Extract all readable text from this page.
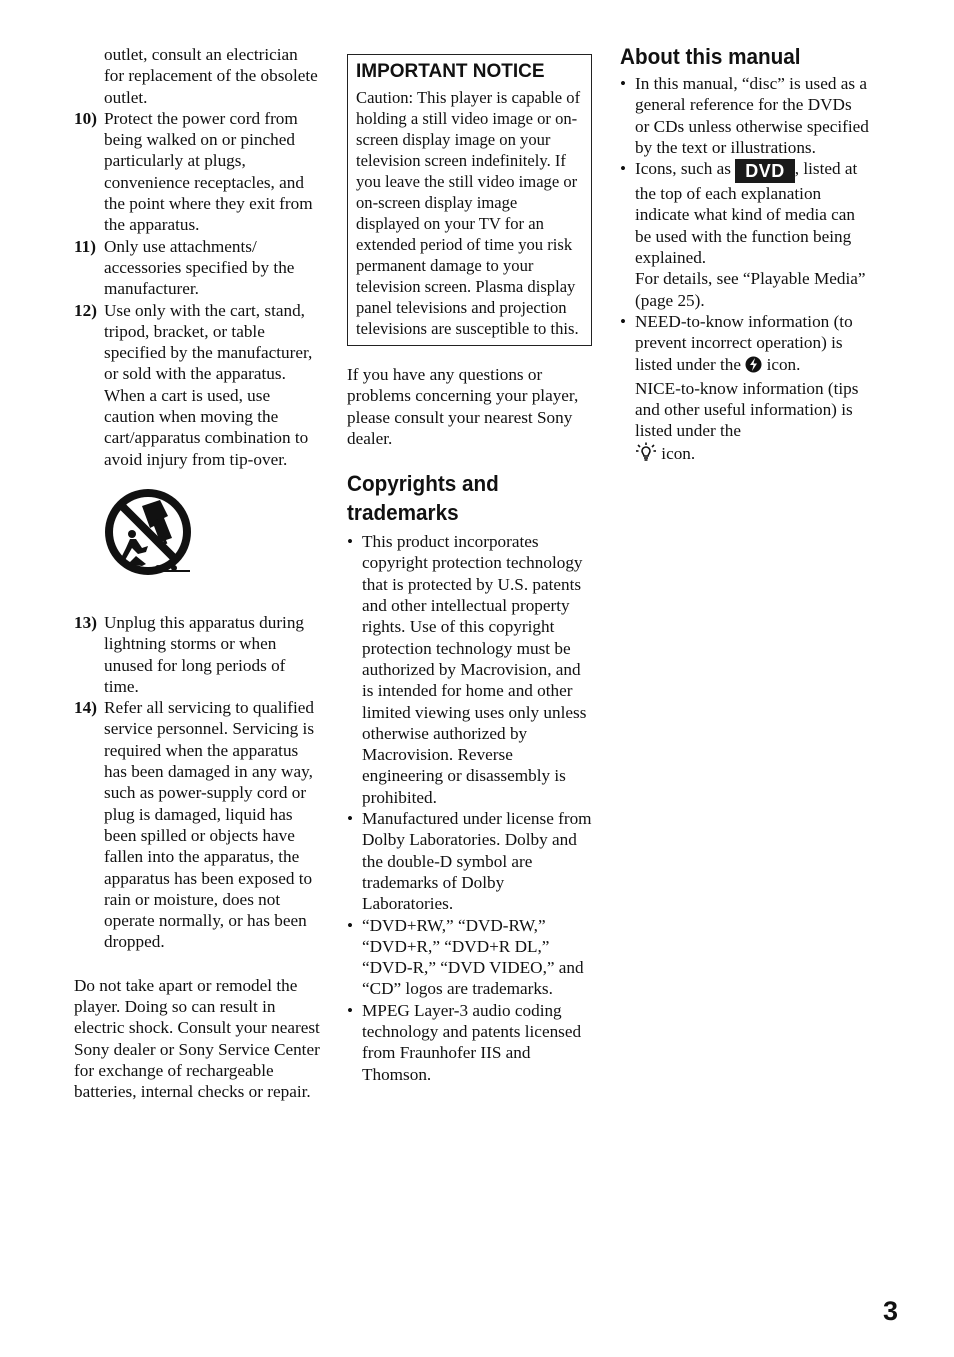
outlet, consult an electrician for replacement of the obsolete outlet.

10) Protect the power cord from being walked on or pinched particularly at plugs, convenience receptacles, and the point where they exit from the apparatus.

11) Only use attachments/ accessories specified by the manufacturer.

12) Use only with the cart, stand, tripod, bracket, or table specified by the manufacturer, or sold with the apparatus. When a cart is used, use caution when moving the cart/apparatus combination to avoid injury from tip-over.

13) Unplug this apparatus during lightning storms or when unused for long periods of time.

14) Refer all servicing to qualified service personnel. Servicing is required when the apparatus has been damaged in any way, such as power-supply cord or plug is damaged, liquid has been spilled or objects have fallen into the apparatus, the apparatus has been exposed to rain or moisture, does not operate normally, or has been dropped.

Do not take apart or remodel the player. Doing so can result in electric shock. Consult your nearest Sony dealer or Sony Service Center for exchange of rechargeable batteries, internal checks or repair.

IMPORTANT NOTICE
Caution: This player is capable of holding a still video image or on-screen display image on your television screen indefinitely. If you leave the still video image or on-screen display image displayed on your TV for an extended period of time you risk permanent damage to your television screen. Plasma display panel televisions and projection televisions are susceptible to this.

If you have any questions or problems concerning your player, please consult your nearest Sony dealer.

Copyrights and trademarks
• This product incorporates copyright protection technology that is protected by U.S. patents and other intellectual property rights. Use of this copyright protection technology must be authorized by Macrovision, and is intended for home and other limited viewing uses only unless otherwise authorized by Macrovision. Reverse engineering or disassembly is prohibited.
• Manufactured under license from Dolby Laboratories. Dolby and the double-D symbol are trademarks of Dolby Laboratories.
• “DVD+RW,” “DVD-RW,” “DVD+R,” “DVD+R DL,” “DVD-R,” “DVD VIDEO,” and “CD” logos are trademarks.
• MPEG Layer-3 audio coding technology and patents licensed from Fraunhofer IIS and Thomson.
About this manual
• In this manual, “disc” is used as a general reference for the DVDs or CDs unless otherwise specified by the text or illustrations.
• Icons, such as DVD , listed at the top of each explanation indicate what kind of media can be used with the function being explained.
For details, see “Playable Media” (page 25).
• NEED-to-know information (to prevent incorrect operation) is listed under the icon.
NICE-to-know information (tips and other useful information) is listed under the
icon.
3
